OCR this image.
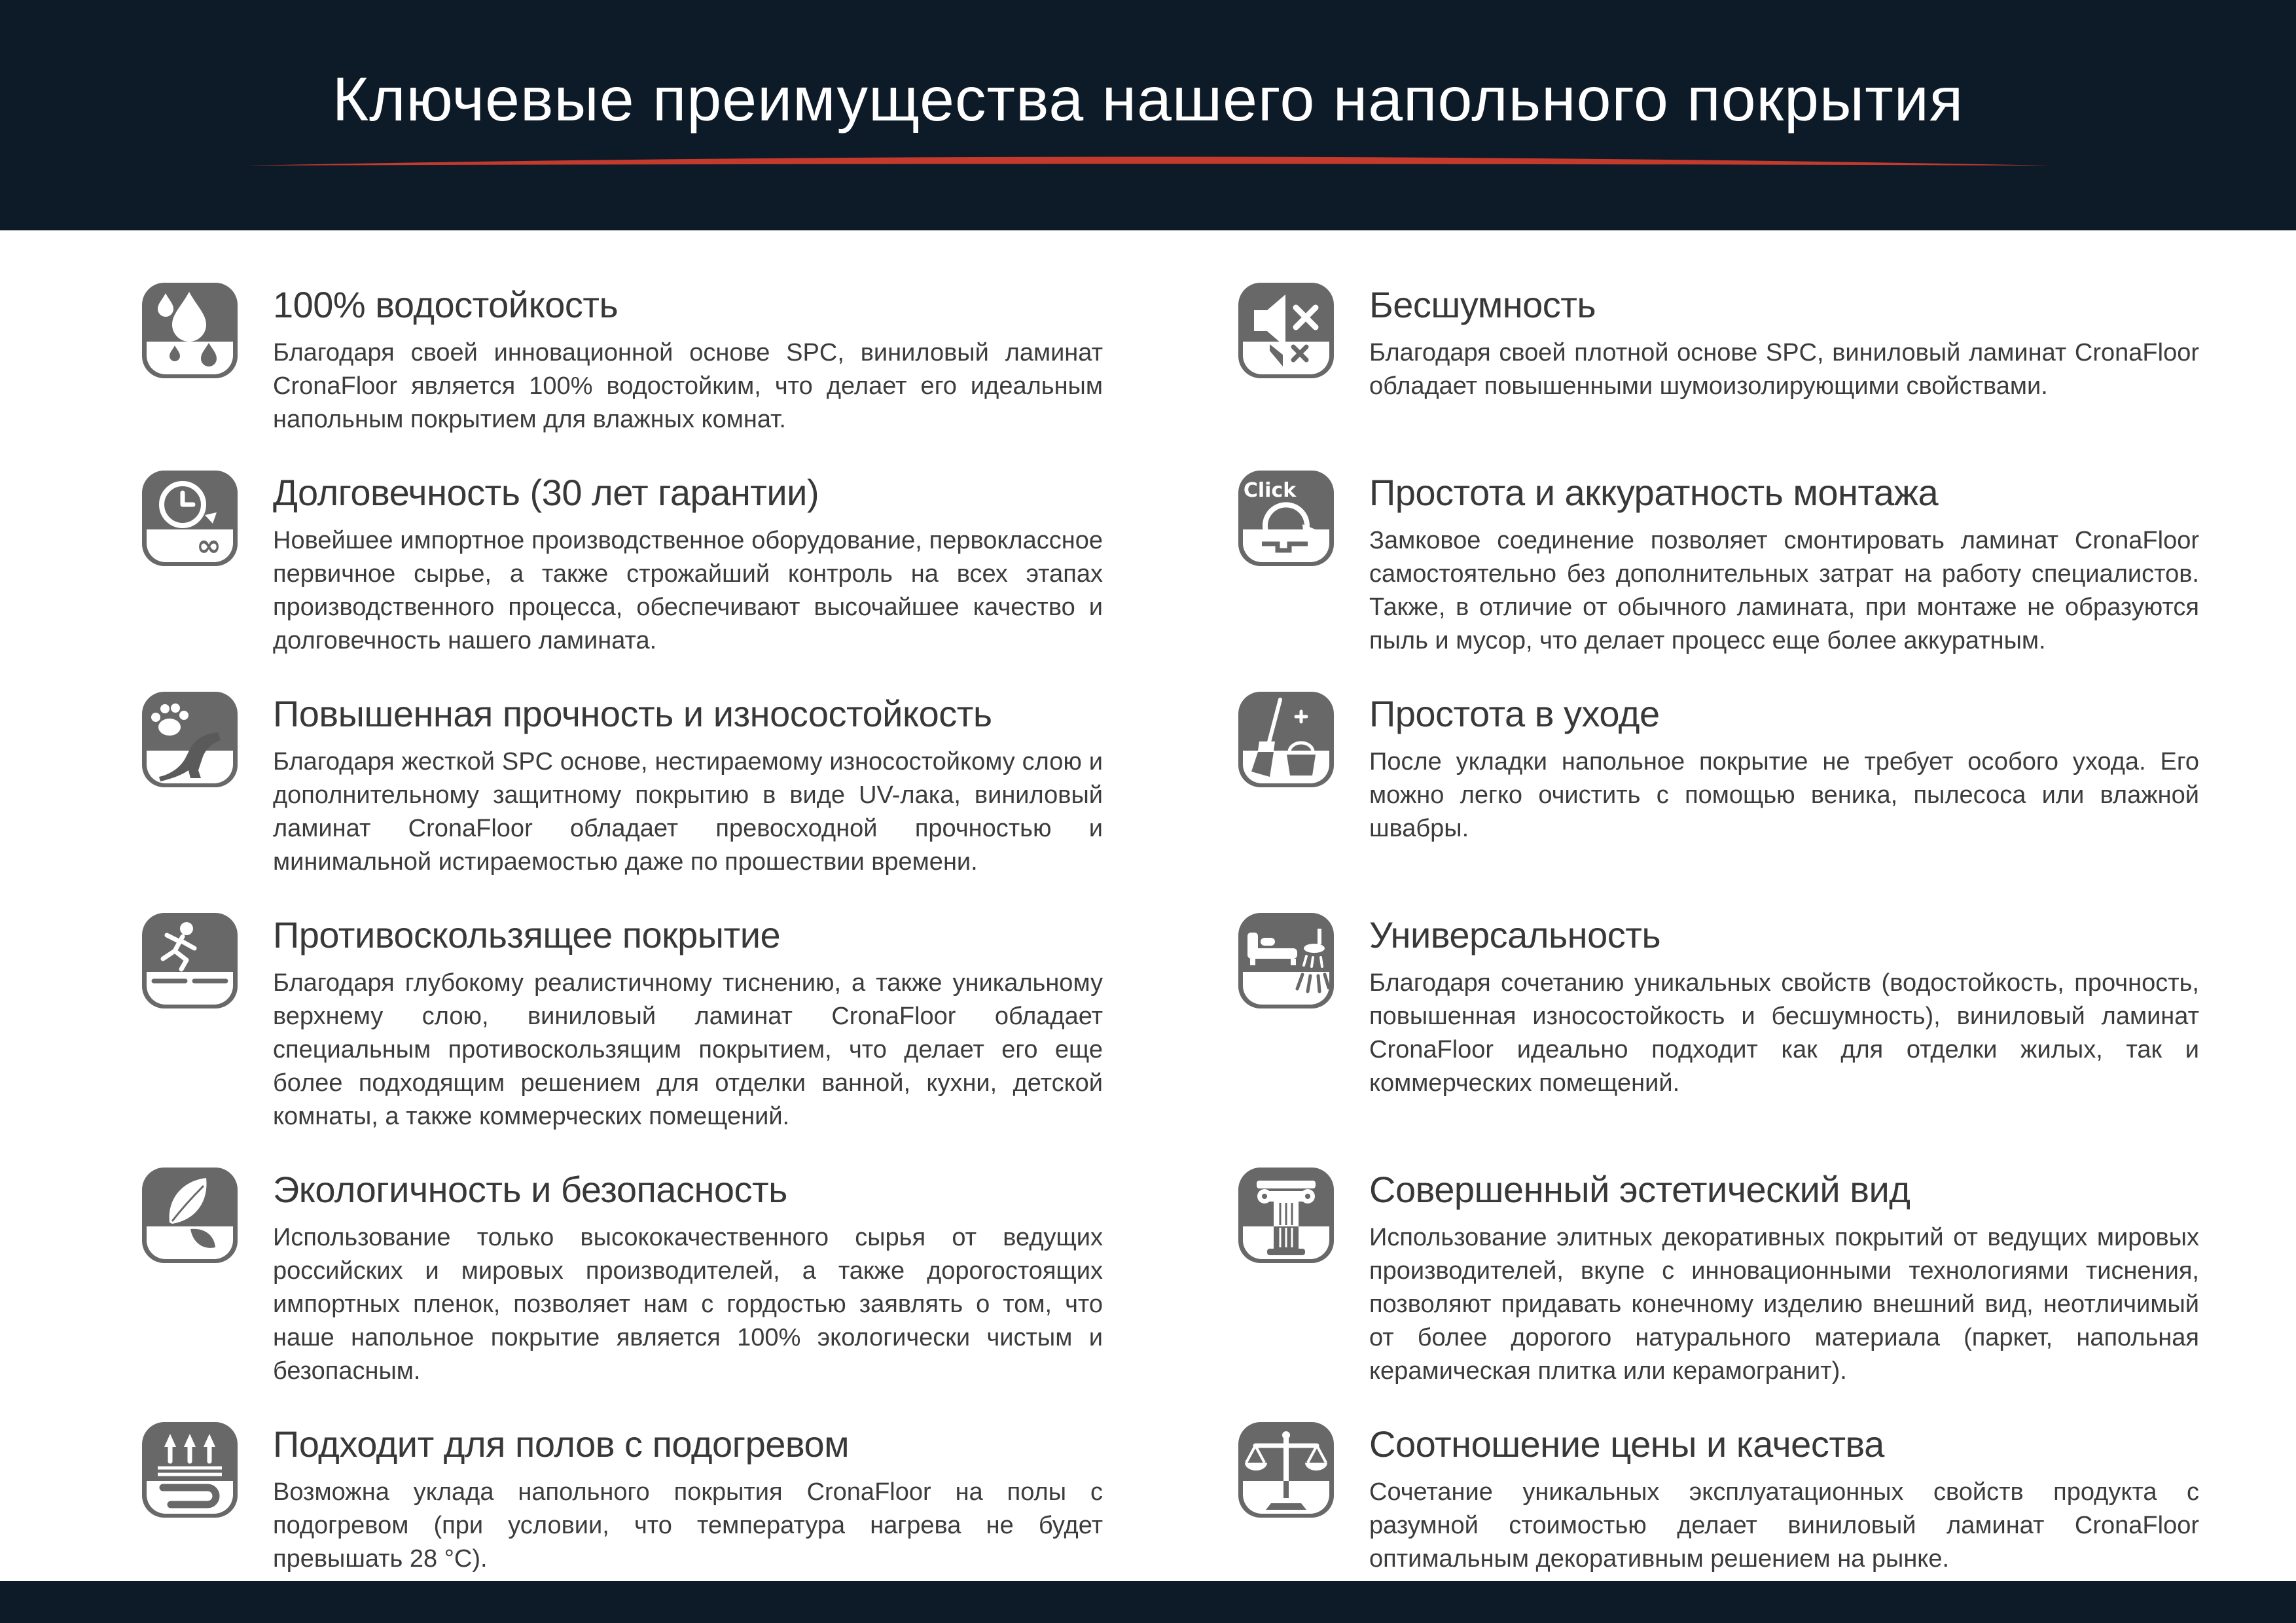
Ключевые преимущества нашего напольного покрытия
100% водостойкость

Благодаря своей инновационной основе SPC, виниловый ламинат CronaFloor является 100% водостойким, что делает его идеальным напольным покрытием для влажных комнат.

Бесшумность

Благодаря своей плотной основе SPC, виниловый ламинат CronaFloor обладает повышенными шумоизолирующими свойствами.

∞
Долговечность (30 лет гарантии)

Новейшее импортное производственное оборудование, первоклассное первичное сырье, а также строжайший контроль на всех этапах производственного процесса, обеспечивают высочайшее качество и долговечность нашего ламината.

Click Простота и аккуратность монтажа

Замковое соединение позволяет смонтировать ламинат CronaFloor самостоятельно без дополнительных затрат на работу специалистов. Также, в отличие от обычного ламината, при монтаже не образуются пыль и мусор, что делает процесс еще более аккуратным.

Повышенная прочность и износостойкость

Благодаря жесткой SPC основе, нестираемому износостойкому слою и дополнительному защитному покрытию в виде UV-лака, виниловый ламинат CronaFloor обладает превосходной прочностью и минимальной истираемостью даже по прошествии времени.

Простота в уходе

После укладки напольное покрытие не требует особого ухода. Его можно легко очистить с помощью веника, пылесоса или влажной швабры.

Противоскользящее покрытие

Благодаря глубокому реалистичному тиснению, а также уникальному верхнему слою, виниловый ламинат CronaFloor обладает специальным противоскользящим покрытием, что делает его еще более подходящим решением для отделки ванной, кухни, детской комнаты, а также коммерческих помещений.

Универсальность

Благодаря сочетанию уникальных свойств (водостойкость, прочность, повышенная износостойкость и бесшумность), виниловый ламинат CronaFloor идеально подходит как для отделки жилых, так и коммерческих помещений.

Экологичность и безопасность

Использование только высококачественного сырья от ведущих российских и мировых производителей, а также дорогостоящих импортных пленок, позволяет нам с гордостью заявлять о том, что наше напольное покрытие является 100% экологически чистым и безопасным.

Совершенный эстетический вид

Использование элитных декоративных покрытий от ведущих мировых производителей, вкупе с инновационными технологиями тиснения, позволяют придавать конечному изделию внешний вид, неотличимый от более дорогого натурального материала (паркет, напольная керамическая плитка или керамогранит).

Подходит для полов с подогревом

Возможна уклада напольного покрытия CronaFloor на полы с подогревом (при условии, что температура нагрева не будет превышать 28 °С).

Соотношение цены и качества

Сочетание уникальных эксплуатационных свойств продукта с разумной стоимостью делает виниловый ламинат CronaFloor оптимальным декоративным решением на рынке.
